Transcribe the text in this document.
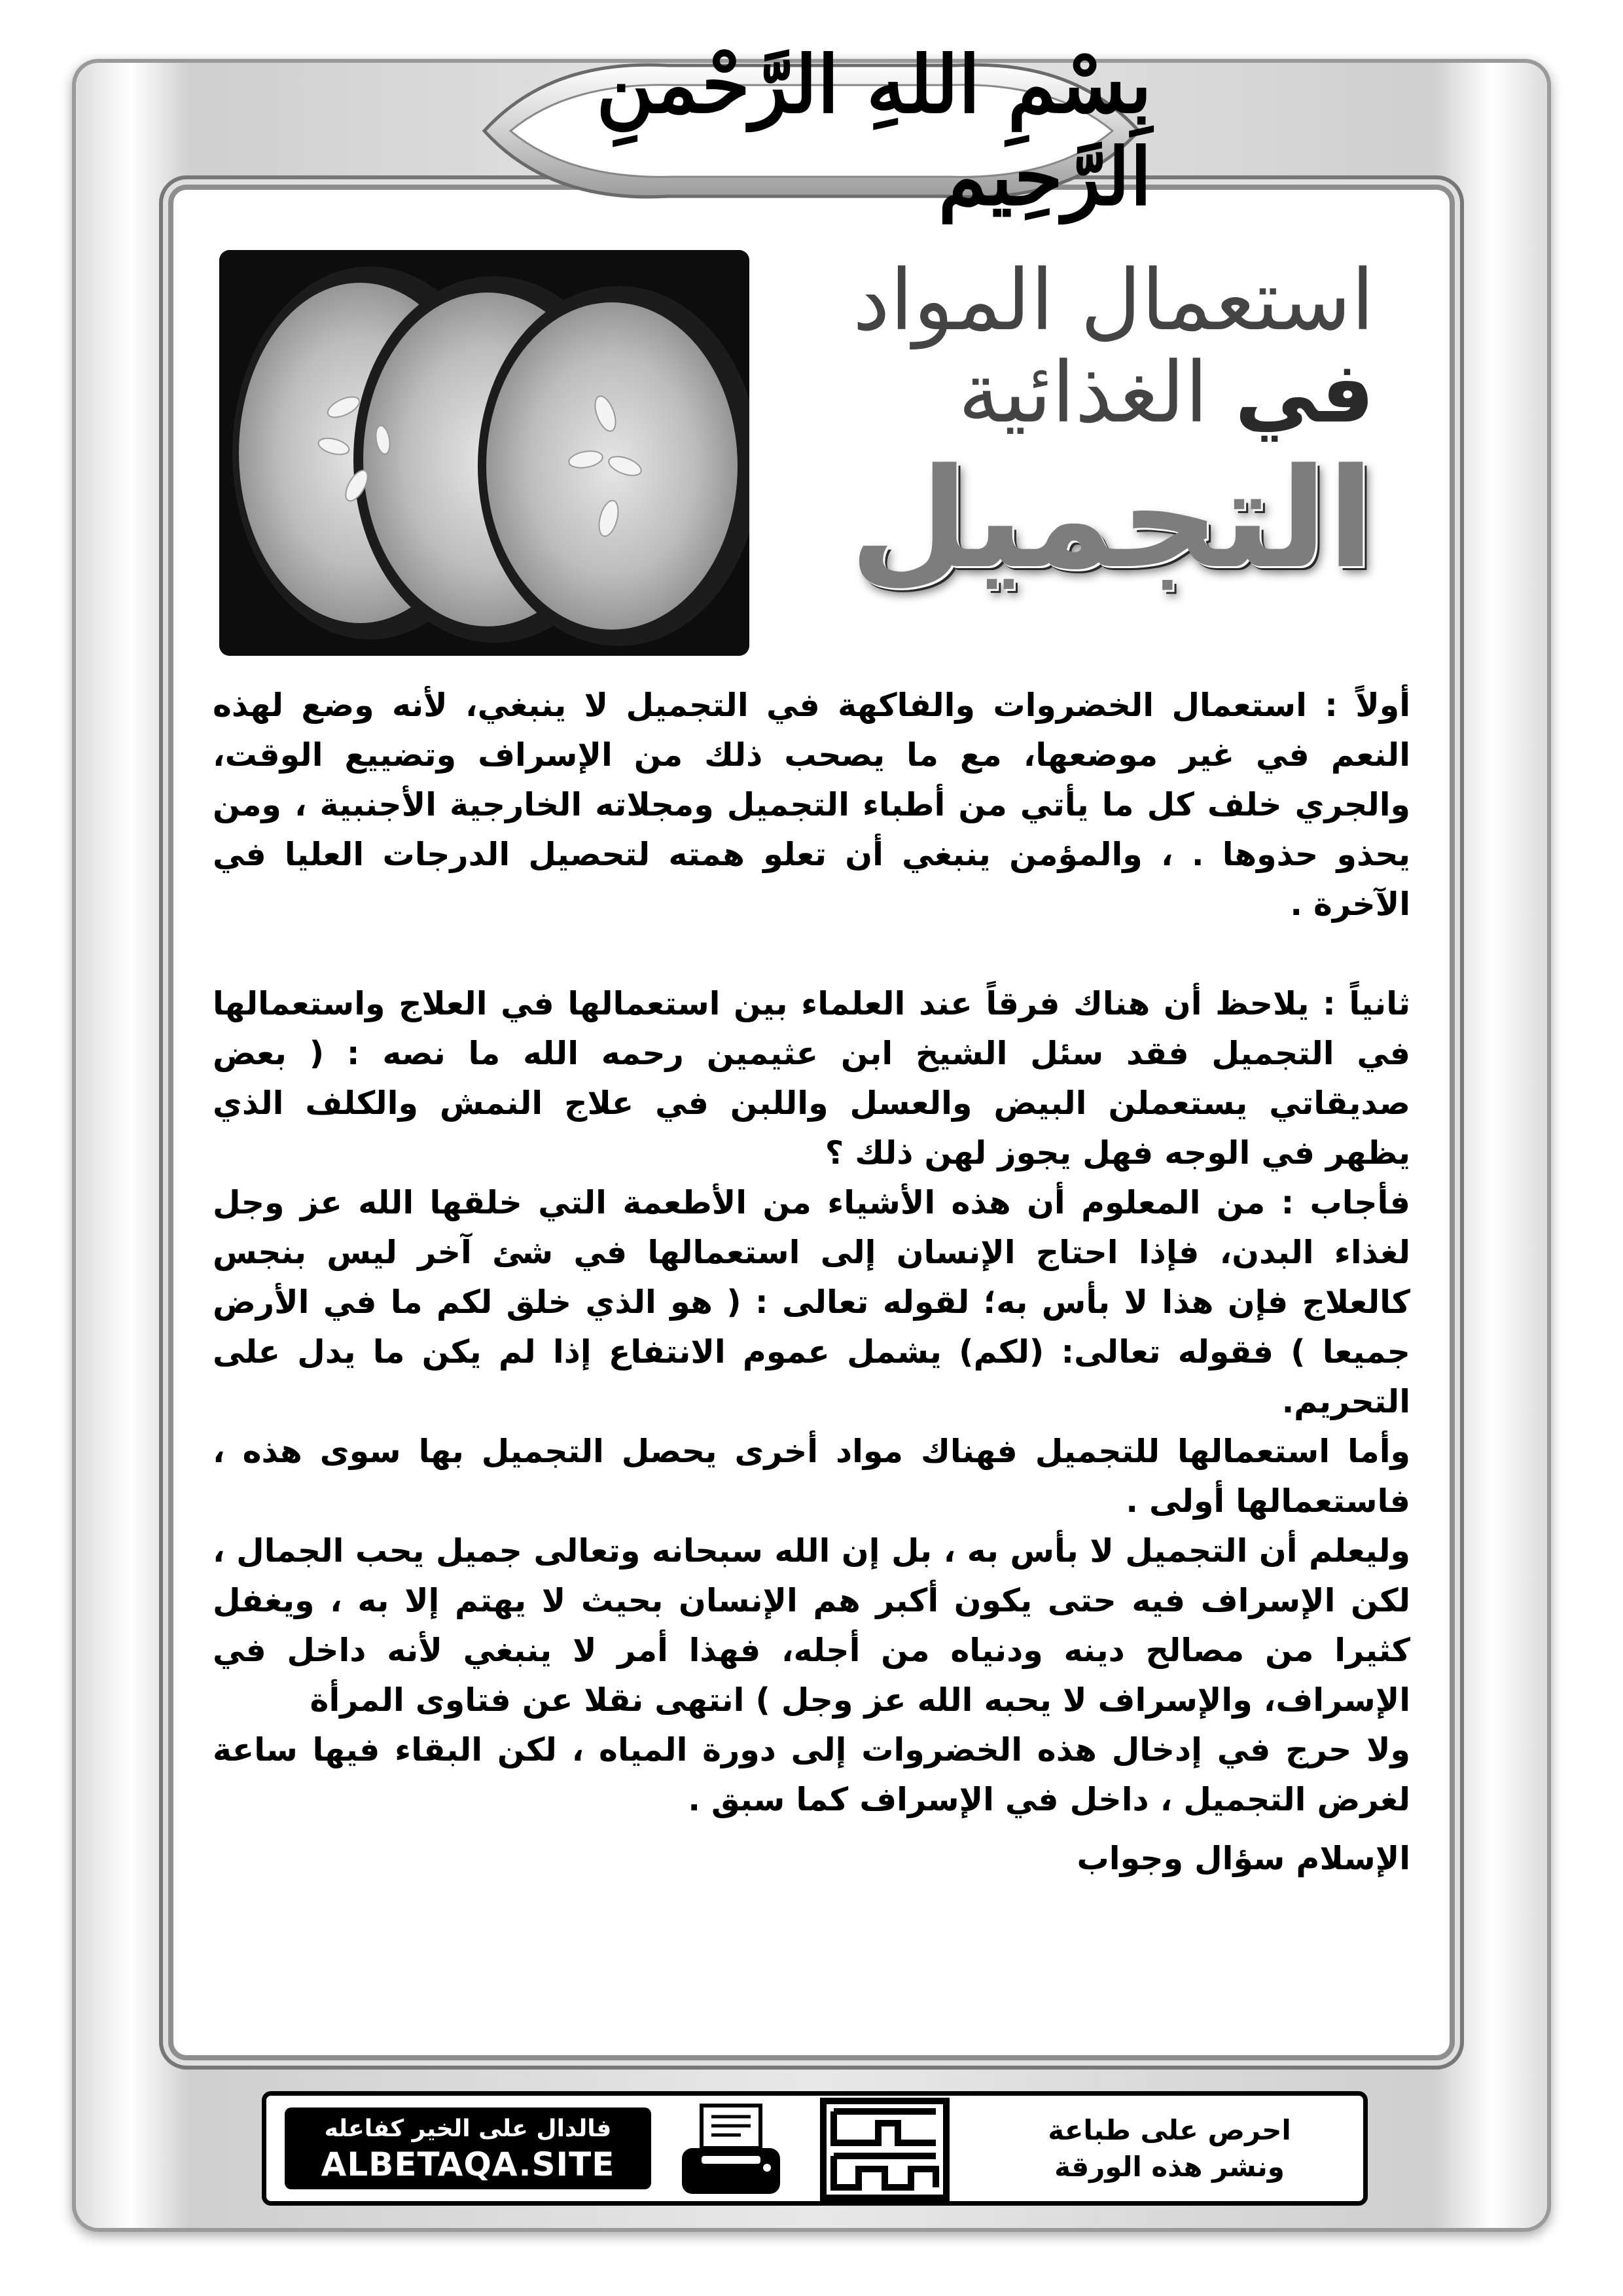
بِسْمِ اللهِ الرَّحْمنِ الرَّحِيم
استعمال المواد
في الغذائية
التجميل

أولاً : استعمال الخضروات والفاكهة في التجميل لا ينبغي، لأنه وضع لهذه النعم في غير موضعها، مع ما يصحب ذلك من الإسراف وتضييع الوقت، والجري خلف كل ما يأتي من أطباء التجميل ومجلاته الخارجية الأجنبية ، ومن يحذو حذوها . ، والمؤمن ينبغي أن تعلو همته لتحصيل الدرجات العليا في الآخرة .

ثانياً : يلاحظ أن هناك فرقاً عند العلماء بين استعمالها في العلاج واستعمالها في التجميل فقد سئل الشيخ ابن عثيمين رحمه الله ما نصه : ( بعض صديقاتي يستعملن البيض والعسل واللبن في علاج النمش والكلف الذي يظهر في الوجه فهل يجوز لهن ذلك ؟

فأجاب : من المعلوم أن هذه الأشياء من الأطعمة التي خلقها الله عز وجل لغذاء البدن، فإذا احتاج الإنسان إلى استعمالها في شئ آخر ليس بنجس كالعلاج فإن هذا لا بأس به؛ لقوله تعالى : ( هو الذي خلق لكم ما في الأرض جميعا ) فقوله تعالى: (لكم) يشمل عموم الانتفاع إذا لم يكن ما يدل على التحريم.

وأما استعمالها للتجميل فهناك مواد أخرى يحصل التجميل بها سوى هذه ، فاستعمالها أولى .

وليعلم أن التجميل لا بأس به ، بل إن الله سبحانه وتعالى جميل يحب الجمال ، لكن الإسراف فيه حتى يكون أكبر هم الإنسان بحيث لا يهتم إلا به ، ويغفل كثيرا من مصالح دينه ودنياه من أجله، فهذا أمر لا ينبغي لأنه داخل في الإسراف، والإسراف لا يحبه الله عز وجل ) انتهى نقلا عن فتاوى المرأة

ولا حرج في إدخال هذه الخضروات إلى دورة المياه ، لكن البقاء فيها ساعة لغرض التجميل ، داخل في الإسراف كما سبق .

الإسلام سؤال وجواب

فالدال على الخير كفاعله
ALBETAQA.SITE
احرص على طباعة
ونشر هذه الورقة
